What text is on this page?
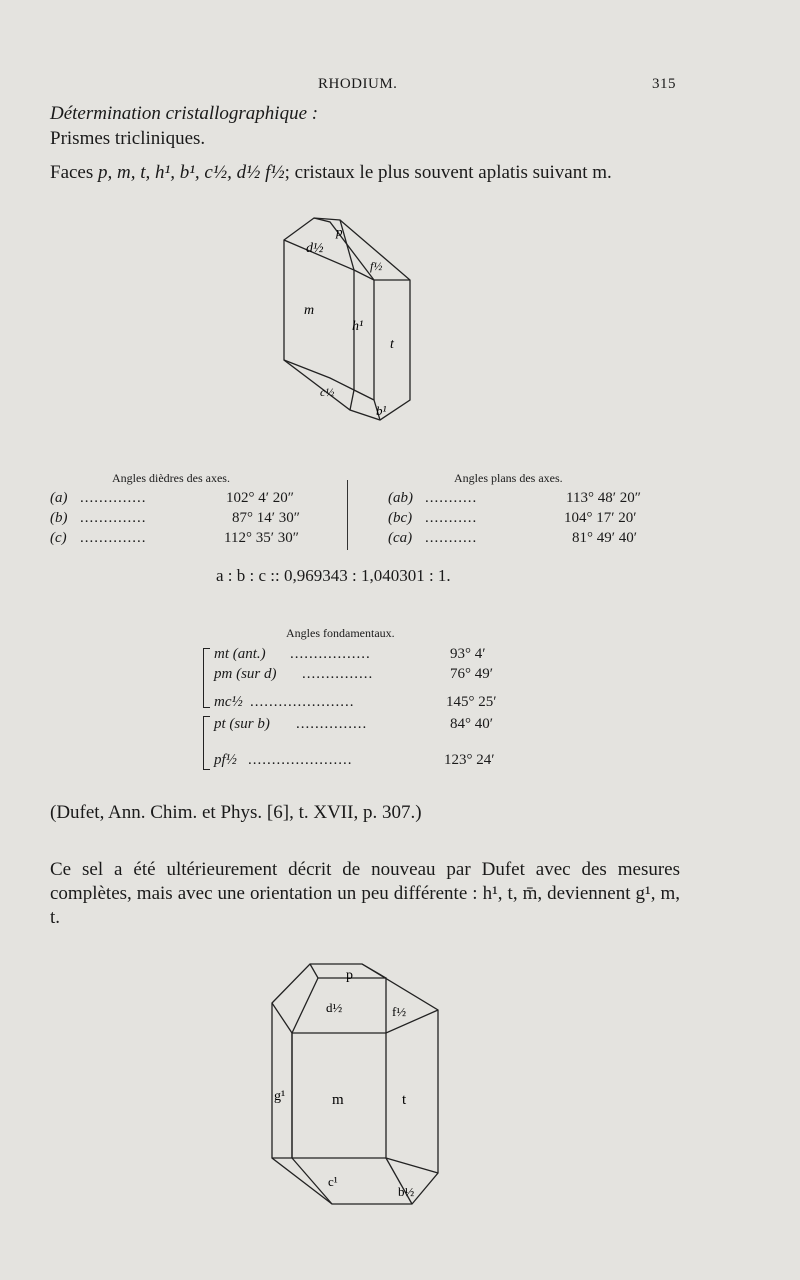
RHODIUM.	315
Détermination cristallographique :
Prismes tricliniques.
Faces p, m, t, h¹, b¹, c½, d½ f½; cristaux le plus souvent aplatis suivant m.
p
d½
f½
m
h¹
t
c½
b¹
Angles dièdres des axes.	Angles plans des axes.
(a) ..............	102° 4′ 20″
(b) ..............	87° 14′ 30″
(c) ..............	112° 35′ 30″
(ab) ...........	113° 48′ 20″
(bc) ...........	104° 17′ 20′
(ca) ...........	81° 49′ 40′
a : b : c :: 0,969343 : 1,040301 : 1.
Angles fondamentaux.
mt (ant.) .................	93° 4′
pm (sur d) ...............	76° 49′
mc½ ......................	145° 25′
pt (sur b) ...............	84° 40′
pf½ ......................	123° 24′
(Dufet, Ann. Chim. et Phys. [6], t. XVII, p. 307.)
Ce sel a été ultérieurement décrit de nouveau par Dufet avec des mesures complètes, mais avec une orientation un peu différente : h¹, t, m̄, deviennent g¹, m, t.
p
d½	f½
g¹	m	t
c¹
b½
